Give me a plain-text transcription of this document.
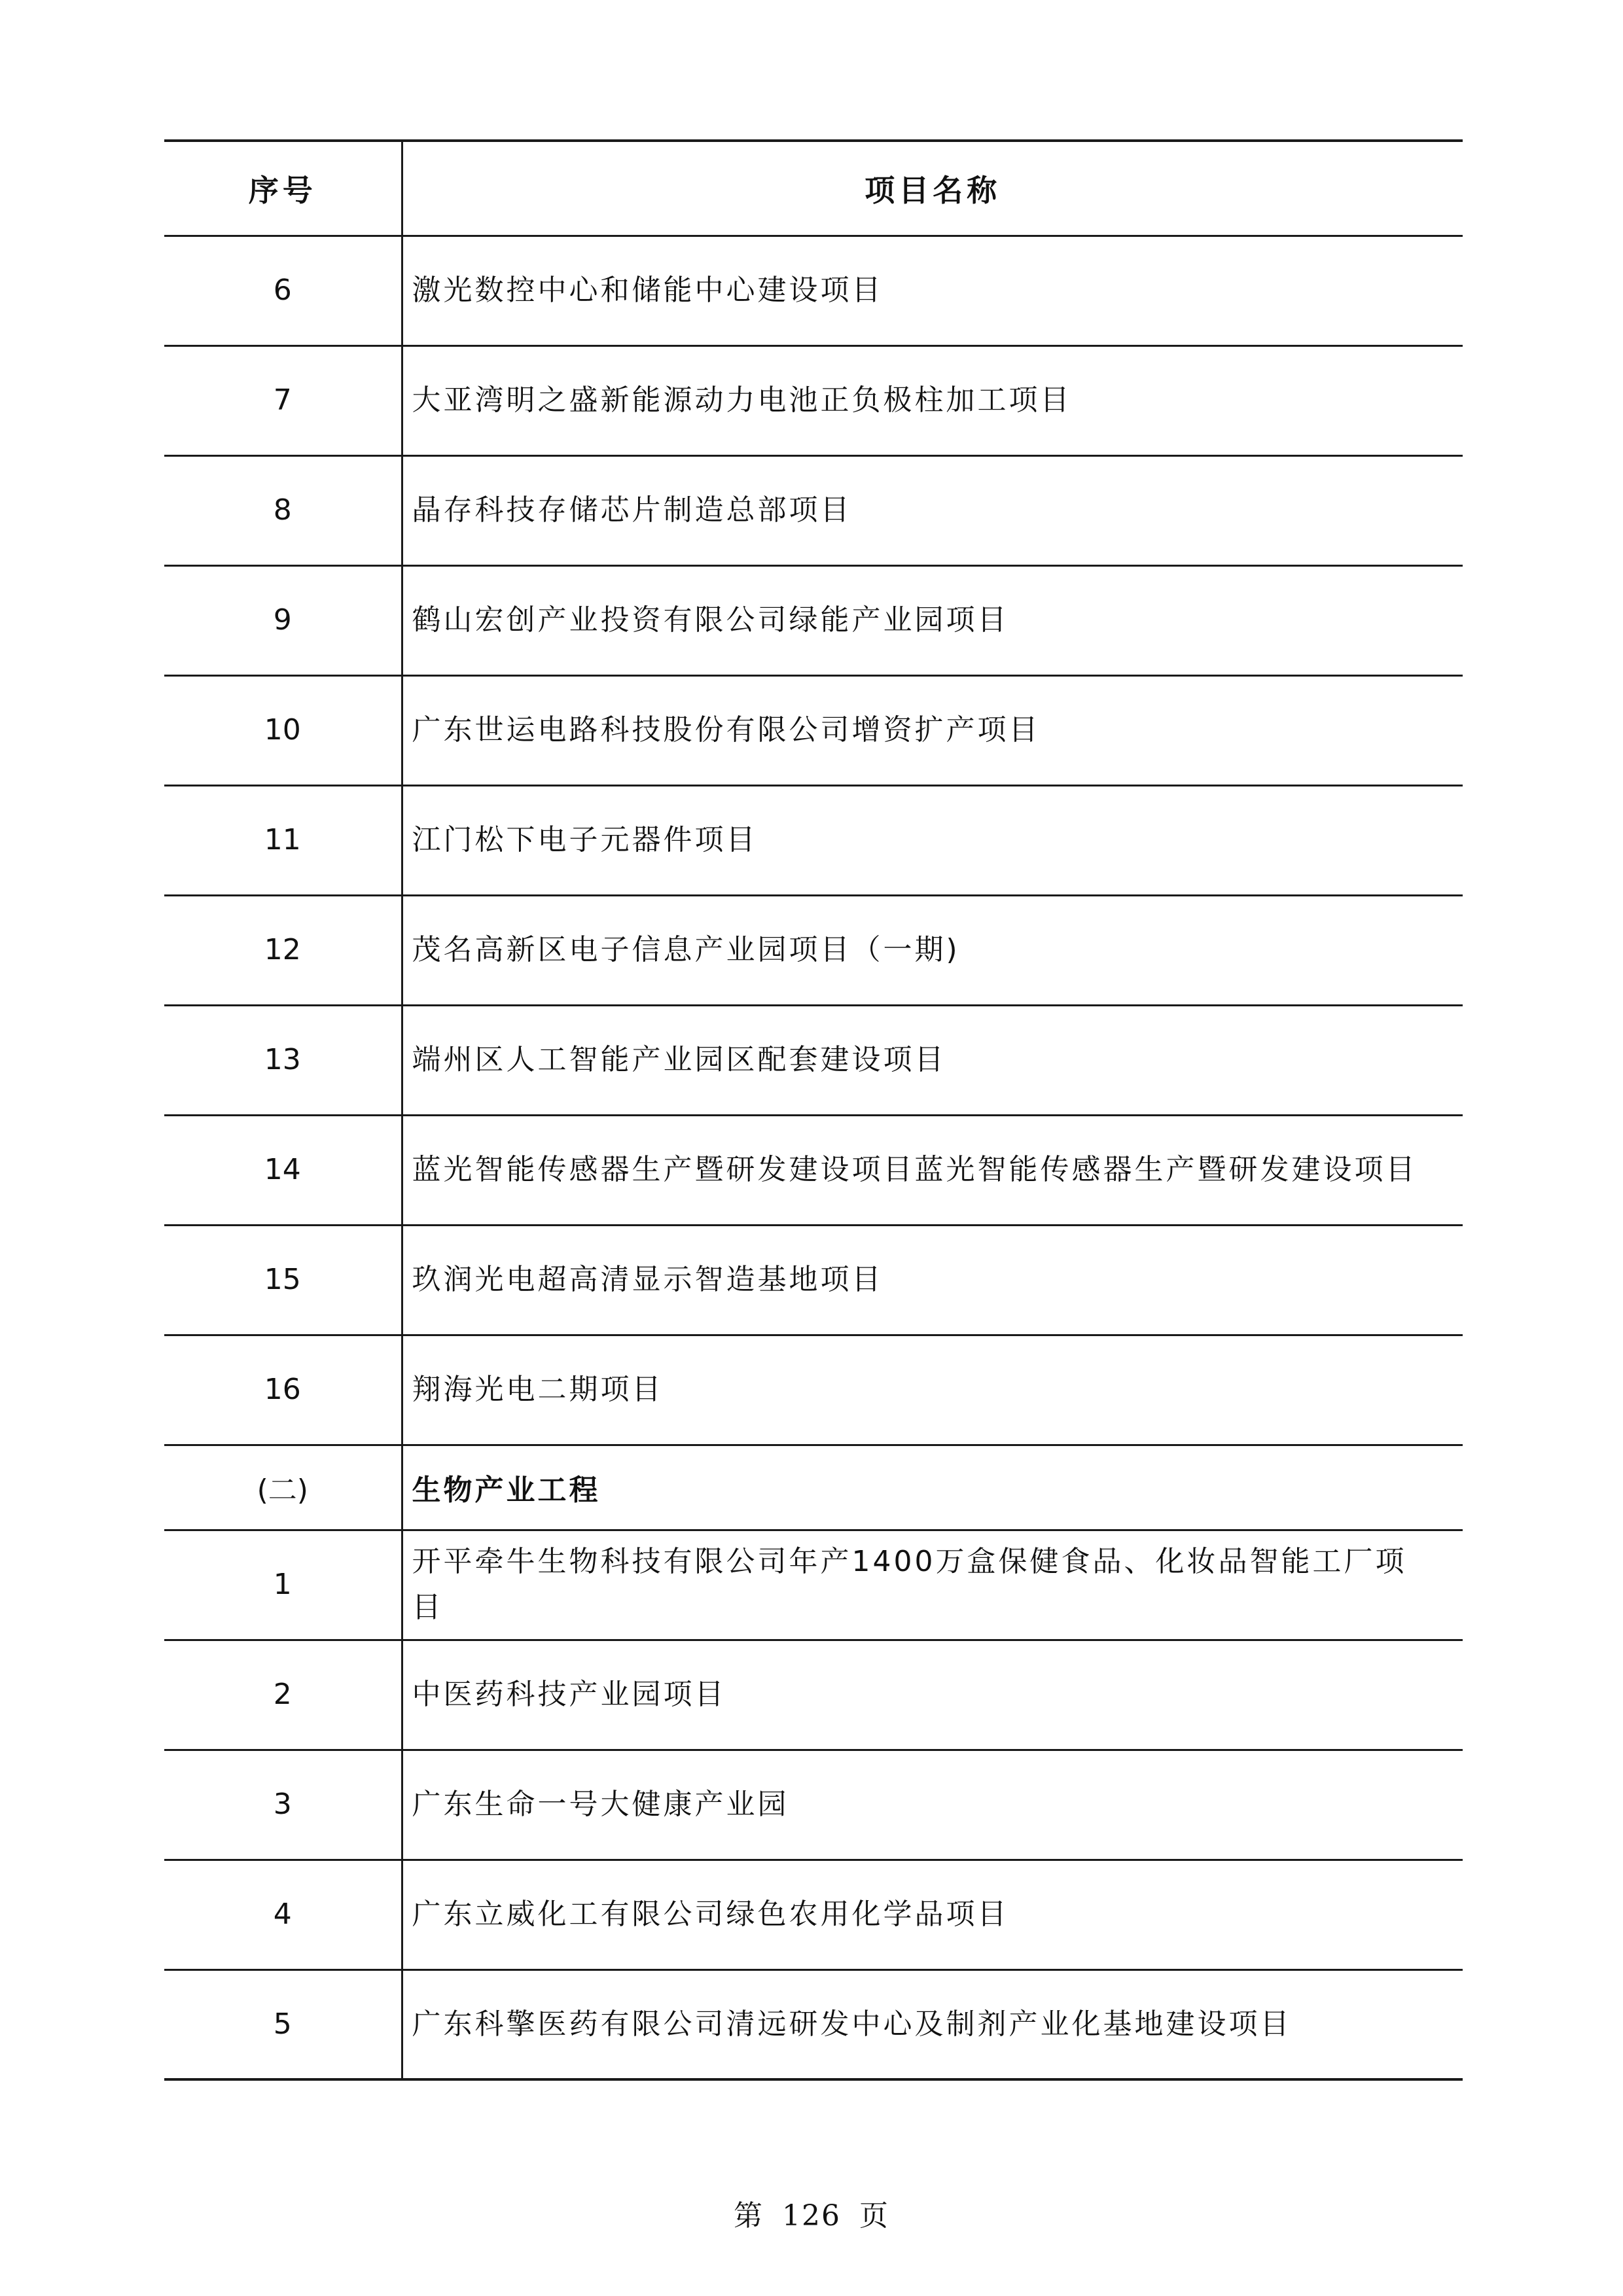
序号	项目名称
6	激光数控中心和储能中心建设项目
7	大亚湾明之盛新能源动力电池正负极柱加工项目
8	晶存科技存储芯片制造总部项目
9	鹤山宏创产业投资有限公司绿能产业园项目
10	广东世运电路科技股份有限公司增资扩产项目
11	江门松下电子元器件项目
12	茂名高新区电子信息产业园项目（一期)
13	端州区人工智能产业园区配套建设项目
14	蓝光智能传感器生产暨研发建设项目蓝光智能传感器生产暨研发建设项目
15	玖润光电超高清显示智造基地项目
16	翔海光电二期项目
(二)	生物产业工程
1	开平牵牛生物科技有限公司年产1400万盒保健食品、化妆品智能工厂项目
2	中医药科技产业园项目
3	广东生命一号大健康产业园
4	广东立威化工有限公司绿色农用化学品项目
5	广东科擎医药有限公司清远研发中心及制剂产业化基地建设项目
第 126 页
